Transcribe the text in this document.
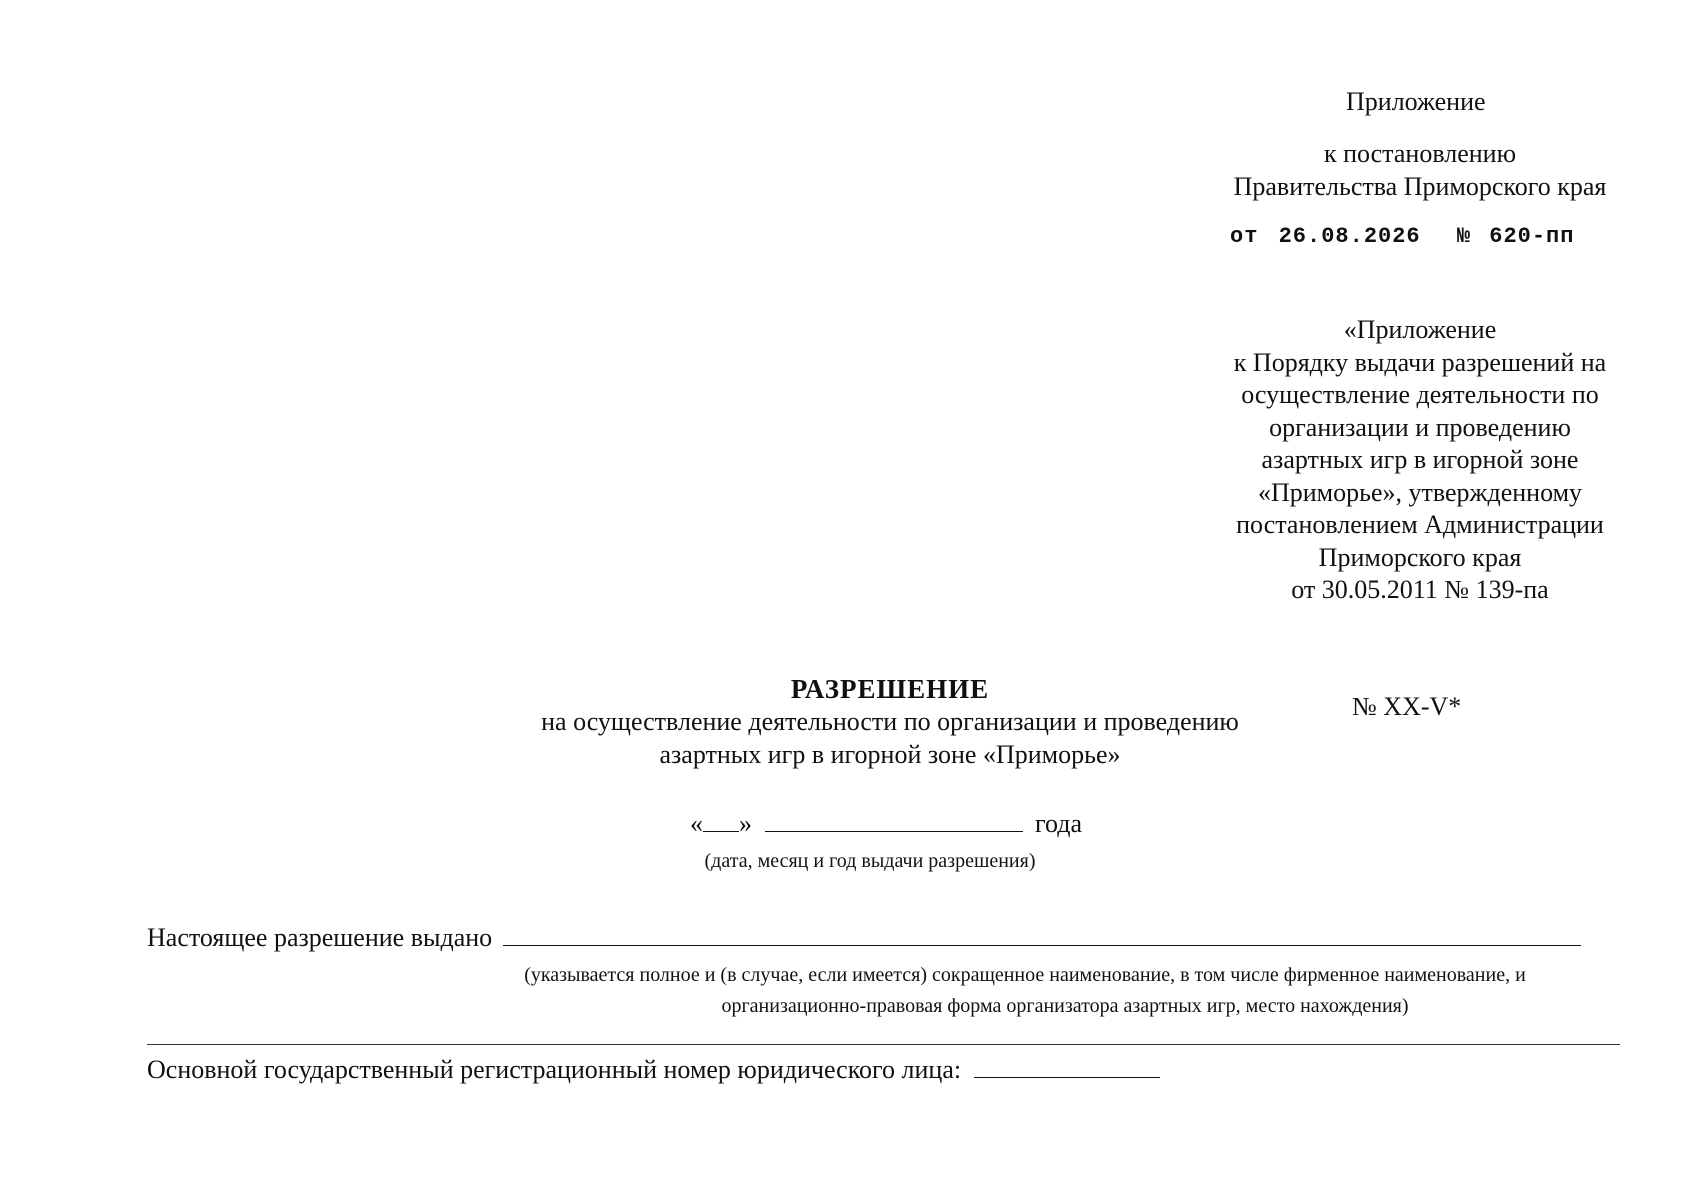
Приложение
к постановлению
Правительства Приморского края
от 26.08.2026 № 620-пп
«Приложение
к Порядку выдачи разрешений на
осуществление деятельности по
организации и проведению
азартных игр в игорной зоне
«Приморье», утвержденному
постановлением Администрации
Приморского края
от 30.05.2011 № 139-па
РАЗРЕШЕНИЕ
на осуществление деятельности по организации и проведению
азартных игр в игорной зоне «Приморье»
№ XX-V*
« »	года
(дата, месяц и год выдачи разрешения)
Настоящее разрешение выдано
(указывается полное и (в случае, если имеется) сокращенное наименование, в том числе фирменное наименование, и
организационно-правовая форма организатора азартных игр, место нахождения)
Основной государственный регистрационный номер юридического лица:
